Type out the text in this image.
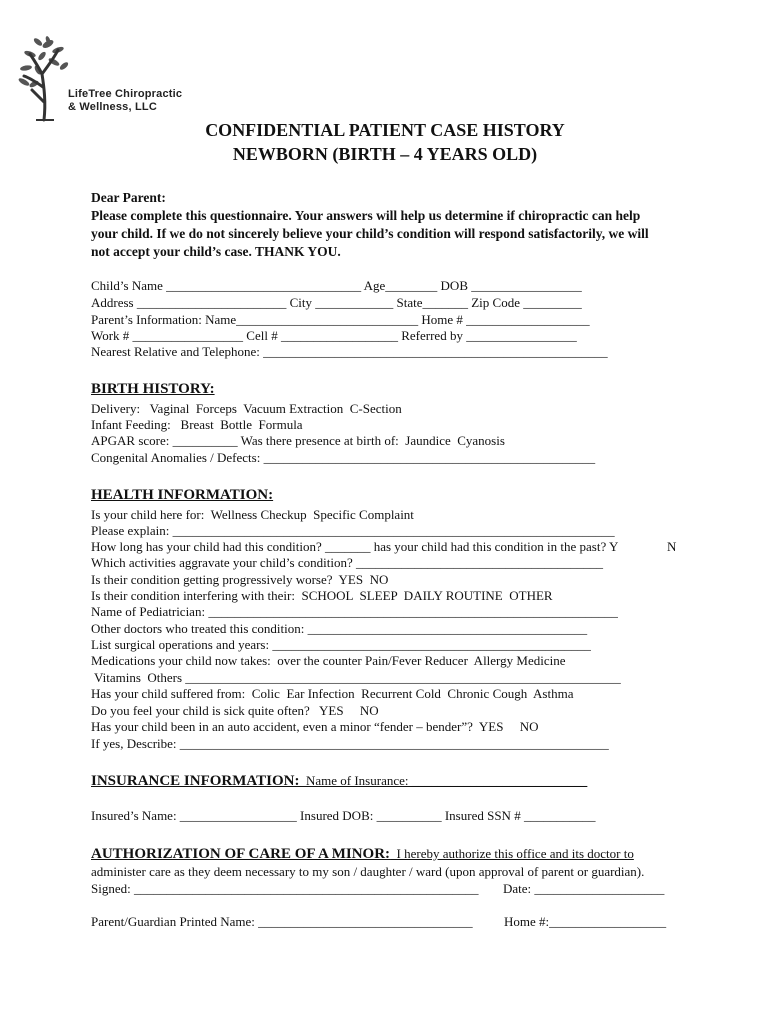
LifeTree Chiropractic
& Wellness, LLC
CONFIDENTIAL PATIENT CASE HISTORY
NEWBORN (BIRTH – 4 YEARS OLD)
Dear Parent:
Please complete this questionnaire. Your answers will help us determine if chiropractic can help
your child. If we do not sincerely believe your child’s condition will respond satisfactorily, we will
not accept your child’s case. THANK YOU.
Child’s Name ______________________________ Age________ DOB _________________
Address _______________________ City ____________ State_______ Zip Code _________
Parent’s Information: Name____________________________ Home # ___________________
Work # _________________ Cell # __________________ Referred by _________________
Nearest Relative and Telephone: _____________________________________________________
BIRTH HISTORY:
Delivery:   Vaginal  Forceps  Vacuum Extraction  C-Section
Infant Feeding:   Breast  Bottle  Formula
APGAR score: __________ Was there presence at birth of:  Jaundice  Cyanosis
Congenital Anomalies / Defects: ___________________________________________________
HEALTH INFORMATION:
Is your child here for:  Wellness Checkup  Specific Complaint
Please explain: ____________________________________________________________________
How long has your child had this condition? _______ has your child had this condition in the past? Y	N
Which activities aggravate your child’s condition? ______________________________________
Is their condition getting progressively worse?  YES  NO
Is their condition interfering with their:  SCHOOL  SLEEP  DAILY ROUTINE  OTHER
Name of Pediatrician: _______________________________________________________________
Other doctors who treated this condition: ___________________________________________
List surgical operations and years: _________________________________________________
Medications your child now takes:  over the counter Pain/Fever Reducer  Allergy Medicine
Vitamins  Others ___________________________________________________________________
Has your child suffered from:  Colic  Ear Infection  Recurrent Cold  Chronic Cough  Asthma
Do you feel your child is sick quite often?   YES     NO
Has your child been in an auto accident, even a minor “fender – bender”?  YES     NO
If yes, Describe: __________________________________________________________________
INSURANCE INFORMATION:  Name of Insurance: ___________________________
Insured’s Name: __________________ Insured DOB: __________ Insured SSN # ___________
AUTHORIZATION OF CARE OF A MINOR:  I hereby authorize this office and its doctor to
administer care as they deem necessary to my son / daughter / ward (upon approval of parent or guardian).
Signed: _____________________________________________________ Date: ____________________
Parent/Guardian Printed Name: _________________________________ Home #:__________________
